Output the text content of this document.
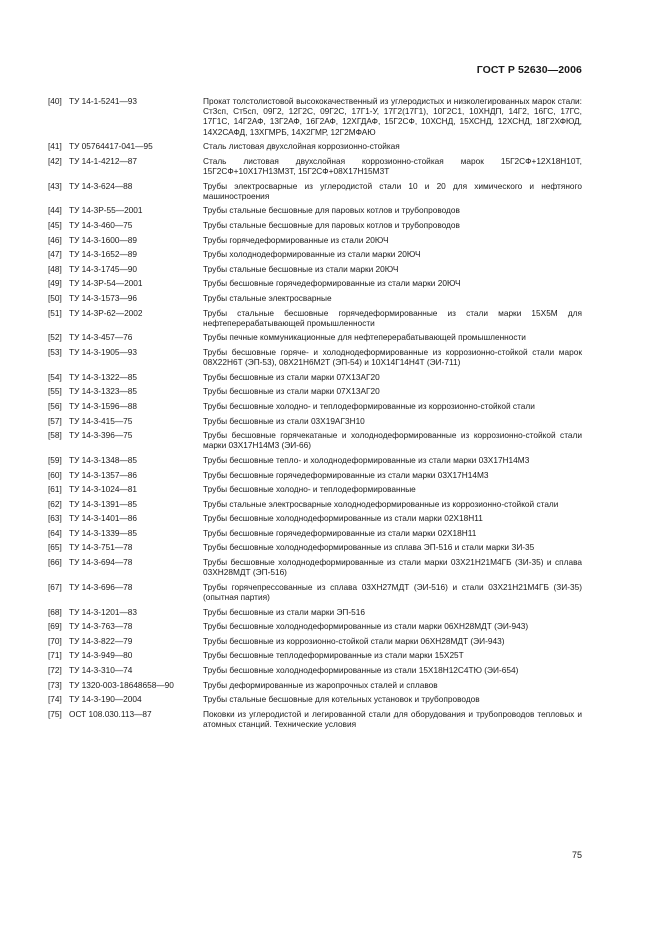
ГОСТ Р 52630—2006
[40] ТУ 14-1-5241—93	Прокат толстолистовой высококачественный из углеродистых и низколегированных марок стали: Ст3сп, Ст5сп, 09Г2, 12Г2С, 09Г2С, 17Г1-У, 17Г2(17Г1), 10Г2С1, 10ХНДП, 14Г2, 16ГС, 17ГС, 17Г1С, 14Г2АФ, 13Г2АФ, 16Г2АФ, 12ХГДАФ, 15Г2СФ, 10ХСНД, 15ХСНД, 12ХСНД, 18Г2ХФЮД, 14Х2САФД, 13ХГМРБ, 14Х2ГМР, 12Г2МФАЮ
[41] ТУ 05764417-041—95	Сталь листовая двухслойная коррозионно-стойкая
[42] ТУ 14-1-4212—87	Сталь листовая двухслойная коррозионно-стойкая марок 15Г2СФ+12Х18Н10Т, 15Г2СФ+10Х17Н13М3Т, 15Г2СФ+08Х17Н15М3Т
[43] ТУ 14-3-624—88	Трубы электросварные из углеродистой стали 10 и 20 для химического и нефтяного машиностроения
[44] ТУ 14-3Р-55—2001	Трубы стальные бесшовные для паровых котлов и трубопроводов
[45] ТУ 14-3-460—75	Трубы стальные бесшовные для паровых котлов и трубопроводов
[46] ТУ 14-3-1600—89	Трубы горячедеформированные из стали 20ЮЧ
[47] ТУ 14-3-1652—89	Трубы холоднодеформированные из стали марки 20ЮЧ
[48] ТУ 14-3-1745—90	Трубы стальные бесшовные из стали марки 20ЮЧ
[49] ТУ 14-3Р-54—2001	Трубы бесшовные горячедеформированные из стали марки 20ЮЧ
[50] ТУ 14-3-1573—96	Трубы стальные электросварные
[51] ТУ 14-3Р-62—2002	Трубы стальные бесшовные горячедеформированные из стали марки 15Х5М для нефтеперерабатывающей промышленности
[52] ТУ 14-3-457—76	Трубы печные коммуникационные для нефтеперерабатывающей промышленности
[53] ТУ 14-3-1905—93	Трубы бесшовные горяче- и холоднодеформированные из коррозионно-стойкой стали марок 08Х22Н6Т (ЭП-53), 08Х21Н6М2Т (ЭП-54) и 10Х14Г14Н4Т (ЭИ-711)
[54] ТУ 14-3-1322—85	Трубы бесшовные из стали марки 07Х13АГ20
[55] ТУ 14-3-1323—85	Трубы бесшовные из стали марки 07Х13АГ20
[56] ТУ 14-3-1596—88	Трубы бесшовные холодно- и теплодеформированные из коррозионно-стойкой стали
[57] ТУ 14-3-415—75	Трубы бесшовные из стали 03Х19АГ3Н10
[58] ТУ 14-3-396—75	Трубы бесшовные горячекатаные и холоднодеформированные из коррозионно-стойкой стали марки 03Х17Н14М3 (ЭИ-66)
[59] ТУ 14-3-1348—85	Трубы бесшовные тепло- и холоднодеформированные из стали марки 03Х17Н14М3
[60] ТУ 14-3-1357—86	Трубы бесшовные горячедеформированные из стали марки 03Х17Н14М3
[61] ТУ 14-3-1024—81	Трубы бесшовные холодно- и теплодеформированные
[62] ТУ 14-3-1391—85	Трубы стальные электросварные холоднодеформированные из коррозионно-стойкой стали
[63] ТУ 14-3-1401—86	Трубы бесшовные холоднодеформированные из стали марки 02Х18Н11
[64] ТУ 14-3-1339—85	Трубы бесшовные горячедеформированные из стали марки 02Х18Н11
[65] ТУ 14-3-751—78	Трубы бесшовные холоднодеформированные из сплава ЭП-516 и стали марки ЗИ-35
[66] ТУ 14-3-694—78	Трубы бесшовные холоднодеформированные из стали марки 03Х21Н21М4ГБ (ЗИ-35) и сплава 03ХН28МДТ (ЭП-516)
[67] ТУ 14-3-696—78	Трубы горячепрессованные из сплава 03ХН27МДТ (ЭИ-516) и стали 03Х21Н21М4ГБ (ЗИ-35) (опытная партия)
[68] ТУ 14-3-1201—83	Трубы бесшовные из стали марки ЭП-516
[69] ТУ 14-3-763—78	Трубы бесшовные холоднодеформированные из стали марки 06ХН28МДТ (ЭИ-943)
[70] ТУ 14-3-822—79	Трубы бесшовные из коррозионно-стойкой стали марки 06ХН28МДТ (ЭИ-943)
[71] ТУ 14-3-949—80	Трубы бесшовные теплодеформированные из стали марки 15Х25Т
[72] ТУ 14-3-310—74	Трубы бесшовные холоднодеформированные из стали 15Х18Н12С4ТЮ (ЭИ-654)
[73] ТУ 1320-003-18648658—90	Трубы деформированные из жаропрочных сталей и сплавов
[74] ТУ 14-3-190—2004	Трубы стальные бесшовные для котельных установок и трубопроводов
[75] ОСТ 108.030.113—87	Поковки из углеродистой и легированной стали для оборудования и трубопроводов тепловых и атомных станций. Технические условия
75
